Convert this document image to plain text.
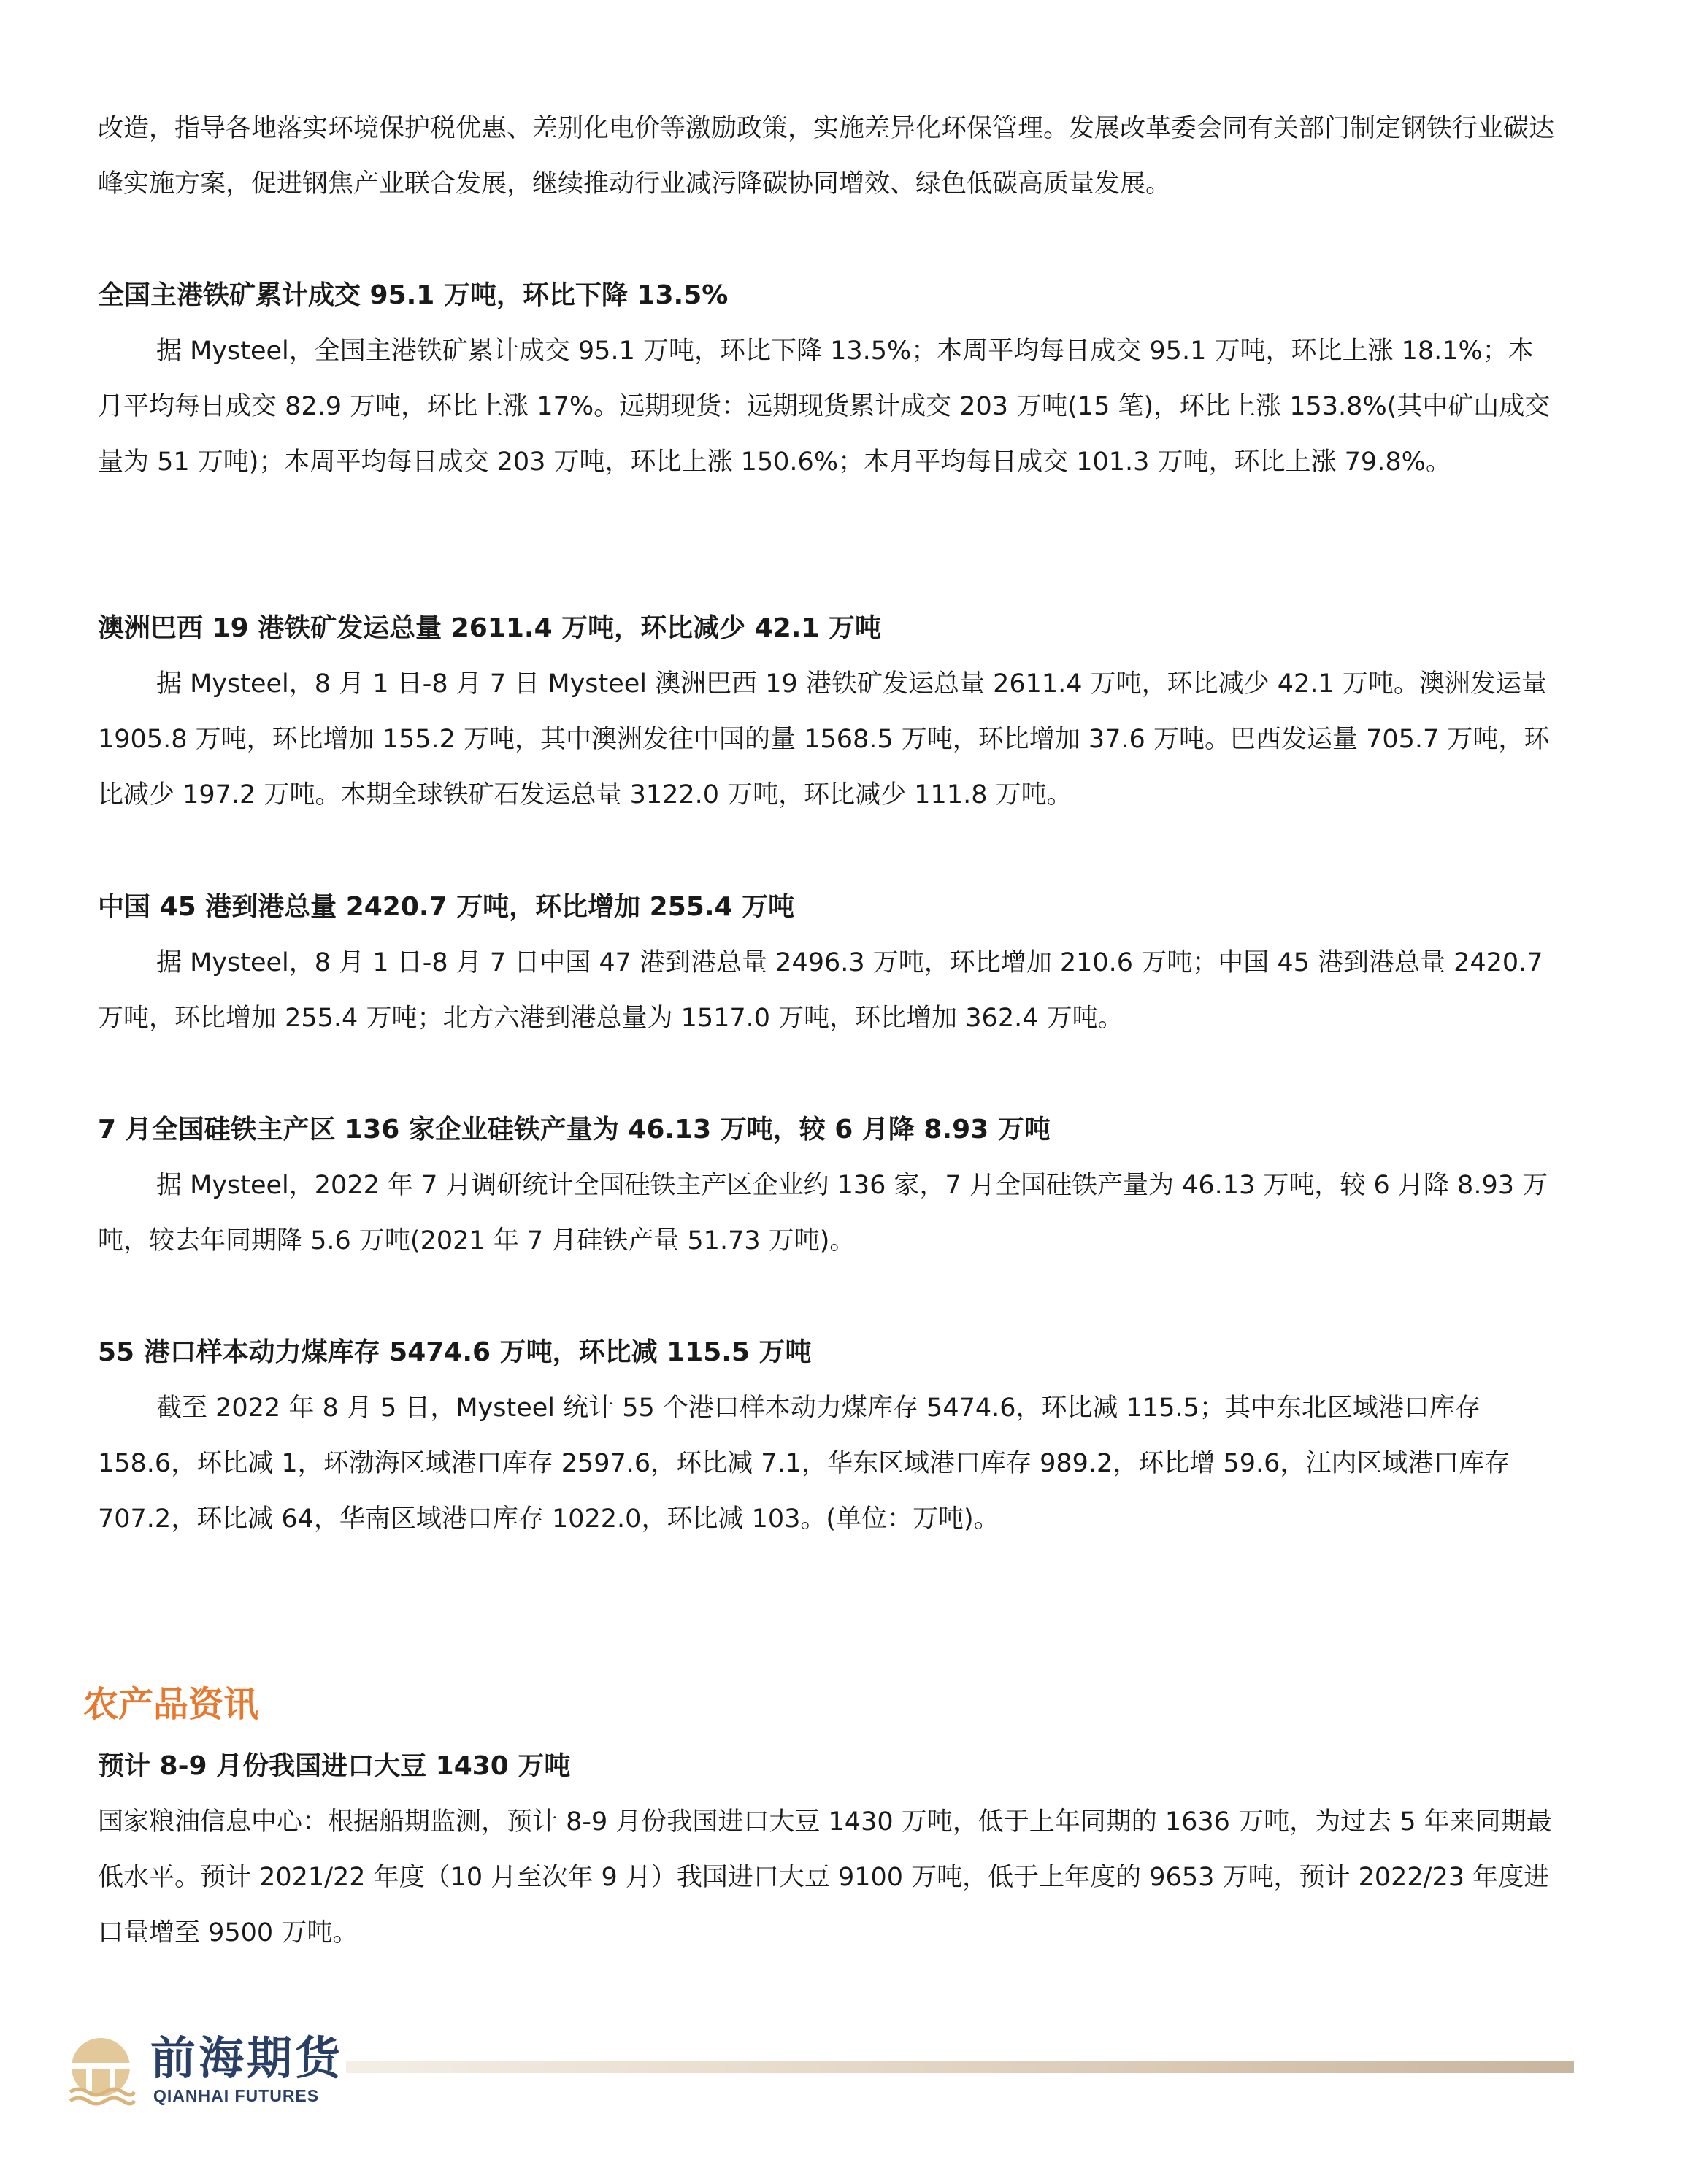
改造，指导各地落实环境保护税优惠、差别化电价等激励政策，实施差异化环保管理。发展改革委会同有关部门制定钢铁行业碳达峰实施方案，促进钢焦产业联合发展，继续推动行业减污降碳协同增效、绿色低碳高质量发展。

全国主港铁矿累计成交 95.1 万吨，环比下降 13.5%

据 Mysteel，全国主港铁矿累计成交 95.1 万吨，环比下降 13.5%；本周平均每日成交 95.1 万吨，环比上涨 18.1%；本月平均每日成交 82.9 万吨，环比上涨 17%。远期现货：远期现货累计成交 203 万吨(15 笔)，环比上涨 153.8%(其中矿山成交量为 51 万吨)；本周平均每日成交 203 万吨，环比上涨 150.6%；本月平均每日成交 101.3 万吨，环比上涨 79.8%。

澳洲巴西 19 港铁矿发运总量 2611.4 万吨，环比减少 42.1 万吨

据 Mysteel，8 月 1 日-8 月 7 日 Mysteel 澳洲巴西 19 港铁矿发运总量 2611.4 万吨，环比减少 42.1 万吨。澳洲发运量 1905.8 万吨，环比增加 155.2 万吨，其中澳洲发往中国的量 1568.5 万吨，环比增加 37.6 万吨。巴西发运量 705.7 万吨，环比减少 197.2 万吨。本期全球铁矿石发运总量 3122.0 万吨，环比减少 111.8 万吨。

中国 45 港到港总量 2420.7 万吨，环比增加 255.4 万吨

据 Mysteel，8 月 1 日-8 月 7 日中国 47 港到港总量 2496.3 万吨，环比增加 210.6 万吨；中国 45 港到港总量 2420.7 万吨，环比增加 255.4 万吨；北方六港到港总量为 1517.0 万吨，环比增加 362.4 万吨。

7 月全国硅铁主产区 136 家企业硅铁产量为 46.13 万吨，较 6 月降 8.93 万吨

据 Mysteel，2022 年 7 月调研统计全国硅铁主产区企业约 136 家，7 月全国硅铁产量为 46.13 万吨，较 6 月降 8.93 万吨，较去年同期降 5.6 万吨(2021 年 7 月硅铁产量 51.73 万吨)。

55 港口样本动力煤库存 5474.6 万吨，环比减 115.5 万吨

截至 2022 年 8 月 5 日，Mysteel 统计 55 个港口样本动力煤库存 5474.6，环比减 115.5；其中东北区域港口库存 158.6，环比减 1，环渤海区域港口库存 2597.6，环比减 7.1，华东区域港口库存 989.2，环比增 59.6，江内区域港口库存 707.2，环比减 64，华南区域港口库存 1022.0，环比减 103。(单位：万吨)。

农产品资讯

预计 8-9 月份我国进口大豆 1430 万吨

国家粮油信息中心：根据船期监测，预计 8-9 月份我国进口大豆 1430 万吨，低于上年同期的 1636 万吨，为过去 5 年来同期最低水平。预计 2021/22 年度（10 月至次年 9 月）我国进口大豆 9100 万吨，低于上年度的 9653 万吨，预计 2022/23 年度进口量增至 9500 万吨。

前海期货
QIANHAI FUTURES
